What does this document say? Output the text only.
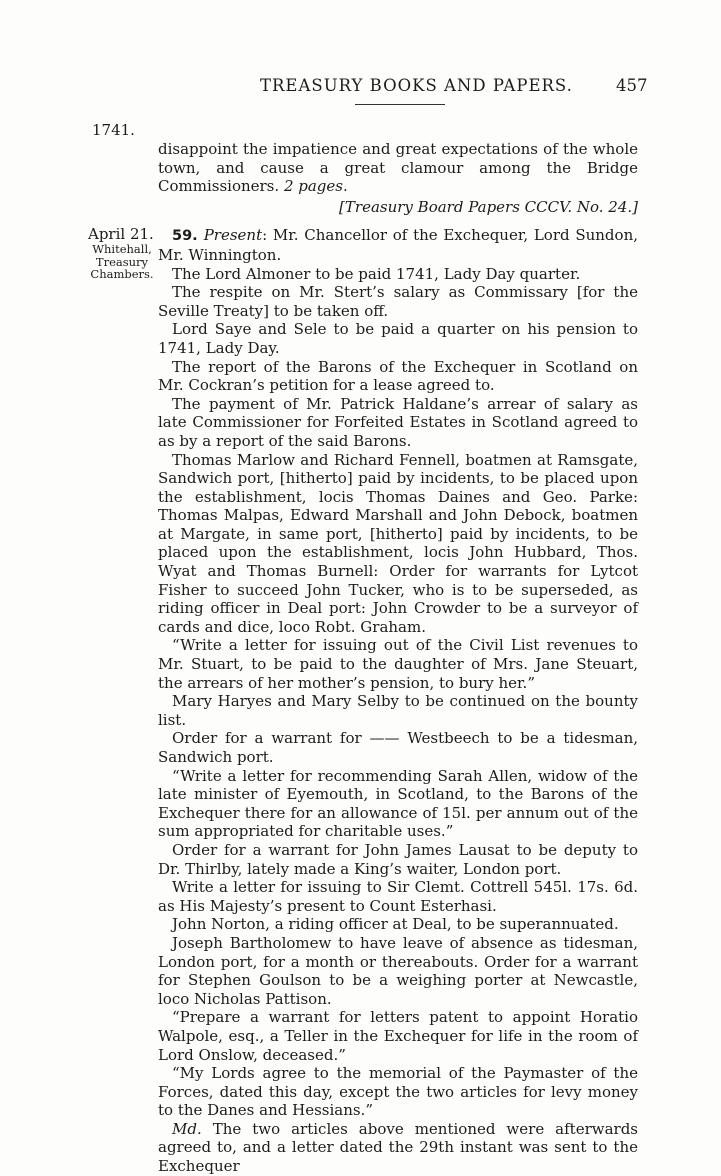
TREASURY BOOKS AND PAPERS.	457
1741.
April 21.
Whitehall,
Treasury
Chambers.

disappoint the impatience and great expectations of the whole town, and cause a great clamour among the Bridge Commissioners. 2 pages.

[Treasury Board Papers CCCV. No. 24.]

59. Present: Mr. Chancellor of the Exchequer, Lord Sundon, Mr. Winnington.

The Lord Almoner to be paid 1741, Lady Day quarter.

The respite on Mr. Stert’s salary as Commissary [for the Seville Treaty] to be taken off.

Lord Saye and Sele to be paid a quarter on his pension to 1741, Lady Day.

The report of the Barons of the Exchequer in Scotland on Mr. Cockran’s petition for a lease agreed to.

The payment of Mr. Patrick Haldane’s arrear of salary as late Commissioner for Forfeited Estates in Scotland agreed to as by a report of the said Barons.

Thomas Marlow and Richard Fennell, boatmen at Ramsgate, Sandwich port, [hitherto] paid by incidents, to be placed upon the establishment, locis Thomas Daines and Geo. Parke: Thomas Malpas, Edward Marshall and John Debock, boatmen at Margate, in same port, [hitherto] paid by incidents, to be placed upon the establishment, locis John Hubbard, Thos. Wyat and Thomas Burnell: Order for warrants for Lytcot Fisher to succeed John Tucker, who is to be superseded, as riding officer in Deal port: John Crowder to be a surveyor of cards and dice, loco Robt. Graham.

“Write a letter for issuing out of the Civil List revenues to Mr. Stuart, to be paid to the daughter of Mrs. Jane Steuart, the arrears of her mother’s pension, to bury her.”

Mary Haryes and Mary Selby to be continued on the bounty list.

Order for a warrant for —— Westbeech to be a tidesman, Sandwich port.

“Write a letter for recommending Sarah Allen, widow of the late minister of Eyemouth, in Scotland, to the Barons of the Exchequer there for an allowance of 15l. per annum out of the sum appropriated for charitable uses.”

Order for a warrant for John James Lausat to be deputy to Dr. Thirlby, lately made a King’s waiter, London port.

Write a letter for issuing to Sir Clemt. Cottrell 545l. 17s. 6d. as His Majesty’s present to Count Esterhasi.

John Norton, a riding officer at Deal, to be superannuated.

Joseph Bartholomew to have leave of absence as tidesman, London port, for a month or thereabouts. Order for a warrant for Stephen Goulson to be a weighing porter at Newcastle, loco Nicholas Pattison.

“Prepare a warrant for letters patent to appoint Horatio Walpole, esq., a Teller in the Exchequer for life in the room of Lord Onslow, deceased.”

“My Lords agree to the memorial of the Paymaster of the Forces, dated this day, except the two articles for levy money to the Danes and Hessians.”

Md. The two articles above mentioned were afterwards agreed to, and a letter dated the 29th instant was sent to the Exchequer
